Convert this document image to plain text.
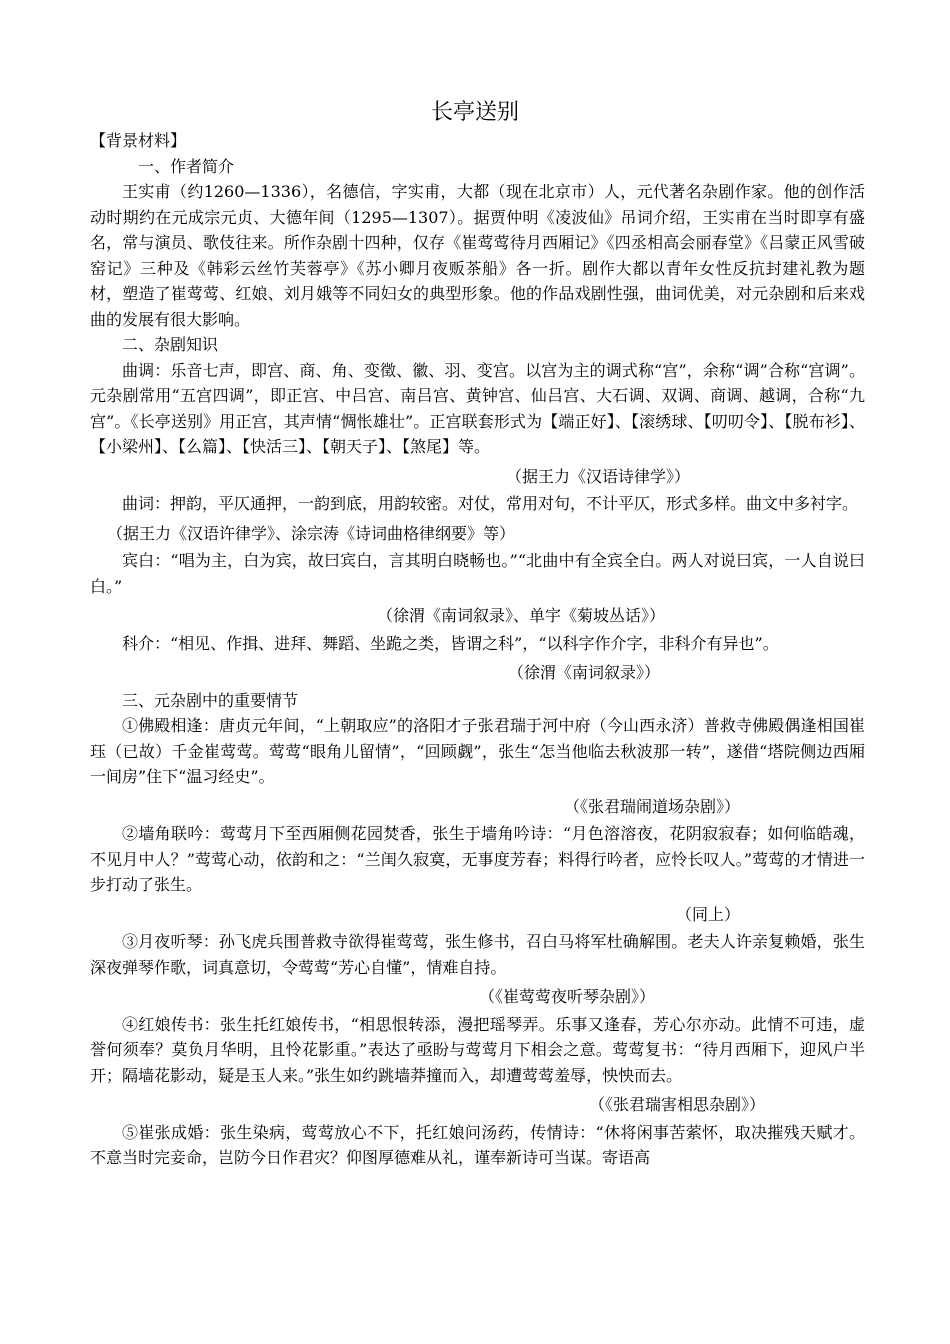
长亭送别

【背景材料】

一、作者简介

王实甫（约1260—1336），名德信，字实甫，大都（现在北京市）人，元代著名杂剧作家。他的创作活动时期约在元成宗元贞、大德年间（1295—1307）。据贾仲明《凌波仙》吊词介绍，王实甫在当时即享有盛名，常与演员、歌伎往来。所作杂剧十四种，仅存《崔莺莺待月西厢记》《四丞相高会丽春堂》《吕蒙正风雪破窑记》三种及《韩彩云丝竹芙蓉亭》《苏小卿月夜贩茶船》各一折。剧作大都以青年女性反抗封建礼教为题材，塑造了崔莺莺、红娘、刘月娥等不同妇女的典型形象。他的作品戏剧性强，曲词优美，对元杂剧和后来戏曲的发展有很大影响。

二、杂剧知识

曲调：乐音七声，即宫、商、角、变徵、徽、羽、变宫。以宫为主的调式称“宫”，余称“调”合称“宫调”。元杂剧常用“五宫四调”，即正宫、中吕宫、南吕宫、黄钟宫、仙吕宫、大石调、双调、商调、越调，合称“九宫”。《长亭送别》用正宫，其声情“惆怅雄壮”。正宫联套形式为【端正好】、【滚绣球、【叨叨令】、【脱布衫】、【小梁州】、【么篇】、【快活三】、【朝天子】、【煞尾】等。

（据王力《汉语诗律学》）

曲词：押韵，平仄通押，一韵到底，用韵较密。对仗，常用对句，不计平仄，形式多样。曲文中多衬字。

（据王力《汉语许律学》、涂宗涛《诗词曲格律纲要》等）

宾白：“唱为主，白为宾，故曰宾白，言其明白晓畅也。”“北曲中有全宾全白。两人对说曰宾，一人自说曰白。”

（徐渭《南词叙录》、单宇《菊坡丛话》）

科介：“相见、作揖、进拜、舞蹈、坐跪之类，皆谓之科”，“以科字作介字，非科介有异也”。

（徐渭《南词叙录》）

三、元杂剧中的重要情节

①佛殿相逢：唐贞元年间，“上朝取应”的洛阳才子张君瑞于河中府（今山西永济）普救寺佛殿偶逢相国崔珏（已故）千金崔莺莺。莺莺“眼角儿留情”，“回顾觑”，张生“怎当他临去秋波那一转”，遂借“塔院侧边西厢一间房”住下“温习经史”。

（《张君瑞闹道场杂剧》）

②墙角联吟：莺莺月下至西厢侧花园焚香，张生于墙角吟诗：“月色溶溶夜，花阴寂寂春；如何临皓魂，不见月中人？”莺莺心动，依韵和之：“兰闺久寂寞，无事度芳春；料得行吟者，应怜长叹人。”莺莺的才情进一步打动了张生。

（同上）

③月夜听琴：孙飞虎兵围普救寺欲得崔莺莺，张生修书，召白马将军杜确解围。老夫人许亲复赖婚，张生深夜弹琴作歌，词真意切，令莺莺“芳心自懂”，情难自持。

（《崔莺莺夜听琴杂剧》）

④红娘传书：张生托红娘传书，“相思恨转添，漫把瑶琴弄。乐事又逢春，芳心尔亦动。此情不可违，虚誉何须奉？莫负月华明，且怜花影重。”表达了亟盼与莺莺月下相会之意。莺莺复书：“待月西厢下，迎风户半开；隔墙花影动，疑是玉人来。”张生如约跳墙莽撞而入，却遭莺莺羞辱，怏怏而去。

（《张君瑞害相思杂剧》）

⑤崔张成婚：张生染病，莺莺放心不下，托红娘问汤药，传情诗：“休将闲事苦萦怀，取决摧残天赋才。不意当时完妾命，岂防今日作君灾？仰图厚德难从礼，谨奉新诗可当谋。寄语高
